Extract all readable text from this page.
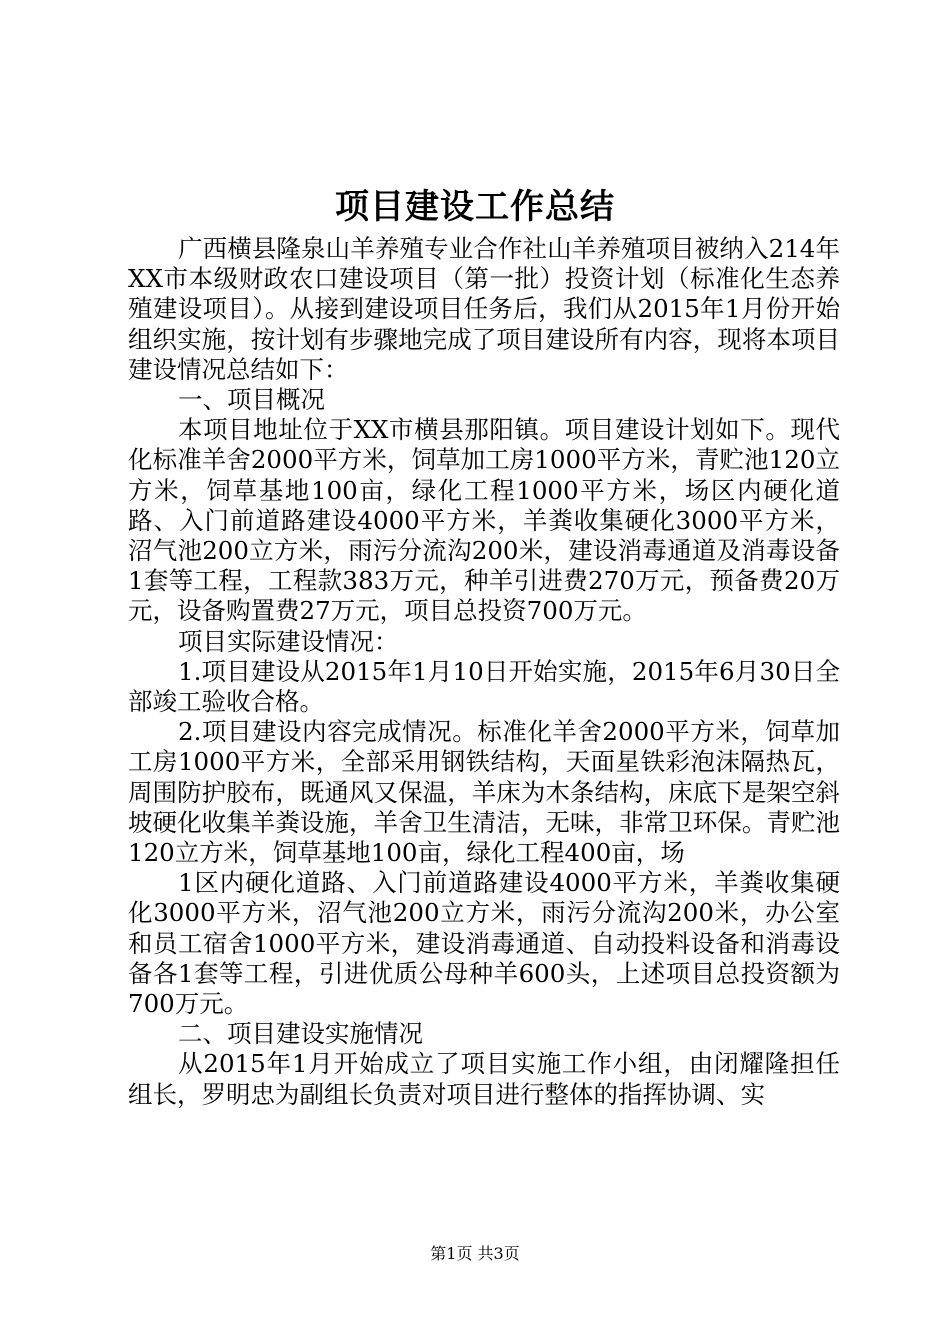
项目建设工作总结

广西横县隆泉山羊养殖专业合作社山羊养殖项目被纳入214年XX市本级财政农口建设项目（第一批）投资计划（标准化生态养殖建设项目）。从接到建设项目任务后，我们从2015年1月份开始组织实施，按计划有步骤地完成了项目建设所有内容，现将本项目建设情况总结如下：

一、项目概况

本项目地址位于XX市横县那阳镇。项目建设计划如下。现代化标准羊舍2000平方米，饲草加工房1000平方米，青贮池120立方米，饲草基地100亩，绿化工程1000平方米，场区内硬化道路、入门前道路建设4000平方米，羊粪收集硬化3000平方米，沼气池200立方米，雨污分流沟200米，建设消毒通道及消毒设备1套等工程，工程款383万元，种羊引进费270万元，预备费20万元，设备购置费27万元，项目总投资700万元。

项目实际建设情况：

1.项目建设从2015年1月10日开始实施，2015年6月30日全部竣工验收合格。

2.项目建设内容完成情况。标准化羊舍2000平方米，饲草加工房1000平方米，全部采用钢铁结构，天面星铁彩泡沫隔热瓦，周围防护胶布，既通风又保温，羊床为木条结构，床底下是架空斜坡硬化收集羊粪设施，羊舍卫生清洁，无味，非常卫环保。青贮池120立方米，饲草基地100亩，绿化工程400亩，场

1区内硬化道路、入门前道路建设4000平方米，羊粪收集硬化3000平方米，沼气池200立方米，雨污分流沟200米，办公室和员工宿舍1000平方米，建设消毒通道、自动投料设备和消毒设备各1套等工程，引进优质公母种羊600头，上述项目总投资额为700万元。

二、项目建设实施情况

从2015年1月开始成立了项目实施工作小组，由闭耀隆担任组长，罗明忠为副组长负责对项目进行整体的指挥协调、实

第1页 共3页
